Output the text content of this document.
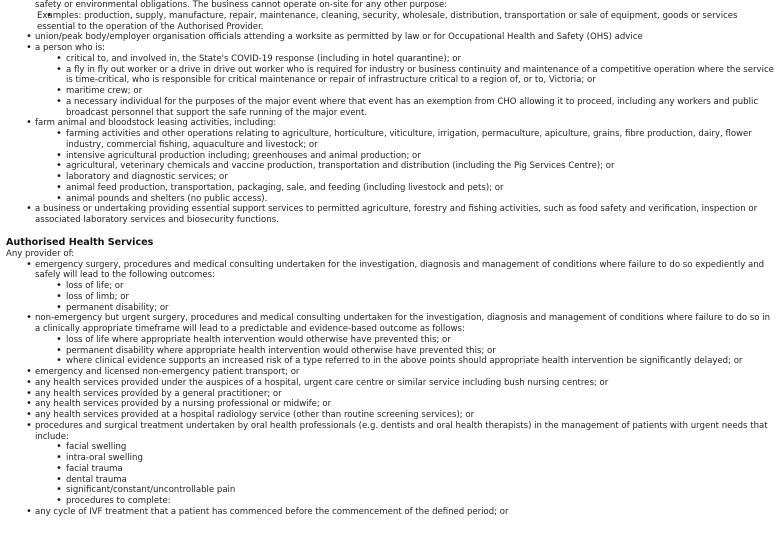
safety or environmental obligations. The business cannot operate on-site for any other purpose:

• Examples: production, supply, manufacture, repair, maintenance, cleaning, security, wholesale, distribution, transportation or sale of equipment, goods or services essential to the operation of the Authorised Provider.
• union/peak body/employer organisation officials attending a worksite as permitted by law or for Occupational Health and Safety (OHS) advice
• a person who is:
• critical to, and involved in, the State's COVID-19 response (including in hotel quarantine); or
• a fly in fly out worker or a drive in drive out worker who is required for industry or business continuity and maintenance of a competitive operation where the service is time-critical, who is responsible for critical maintenance or repair of infrastructure critical to a region of, or to, Victoria; or
• maritime crew; or
• a necessary individual for the purposes of the major event where that event has an exemption from CHO allowing it to proceed, including any workers and public broadcast personnel that support the safe running of the major event.
• farm animal and bloodstock leasing activities, including:
• farming activities and other operations relating to agriculture, horticulture, viticulture, irrigation, permaculture, apiculture, grains, fibre production, dairy, flower industry, commercial fishing, aquaculture and livestock; or
• intensive agricultural production including; greenhouses and animal production; or
• agricultural, veterinary chemicals and vaccine production, transportation and distribution (including the Pig Services Centre); or
• laboratory and diagnostic services; or
• animal feed production, transportation, packaging, sale, and feeding (including livestock and pets); or
• animal pounds and shelters (no public access).
• a business or undertaking providing essential support services to permitted agriculture, forestry and fishing activities, such as food safety and verification, inspection or associated laboratory services and biosecurity functions.
Authorised Health Services

Any provider of:

• emergency surgery, procedures and medical consulting undertaken for the investigation, diagnosis and management of conditions where failure to do so expediently and safely will lead to the following outcomes:
• loss of life; or
• loss of limb; or
• permanent disability; or
• non-emergency but urgent surgery, procedures and medical consulting undertaken for the investigation, diagnosis and management of conditions where failure to do so in a clinically appropriate timeframe will lead to a predictable and evidence-based outcome as follows:
• loss of life where appropriate health intervention would otherwise have prevented this; or
• permanent disability where appropriate health intervention would otherwise have prevented this; or
• where clinical evidence supports an increased risk of a type referred to in the above points should appropriate health intervention be significantly delayed; or
• emergency and licensed non-emergency patient transport; or
• any health services provided under the auspices of a hospital, urgent care centre or similar service including bush nursing centres; or
• any health services provided by a general practitioner; or
• any health services provided by a nursing professional or midwife; or
• any health services provided at a hospital radiology service (other than routine screening services); or
• procedures and surgical treatment undertaken by oral health professionals (e.g. dentists and oral health therapists) in the management of patients with urgent needs that include:
• facial swelling
• intra-oral swelling
• facial trauma
• dental trauma
• significant/constant/uncontrollable pain
• procedures to complete:
• any cycle of IVF treatment that a patient has commenced before the commencement of the defined period; or
